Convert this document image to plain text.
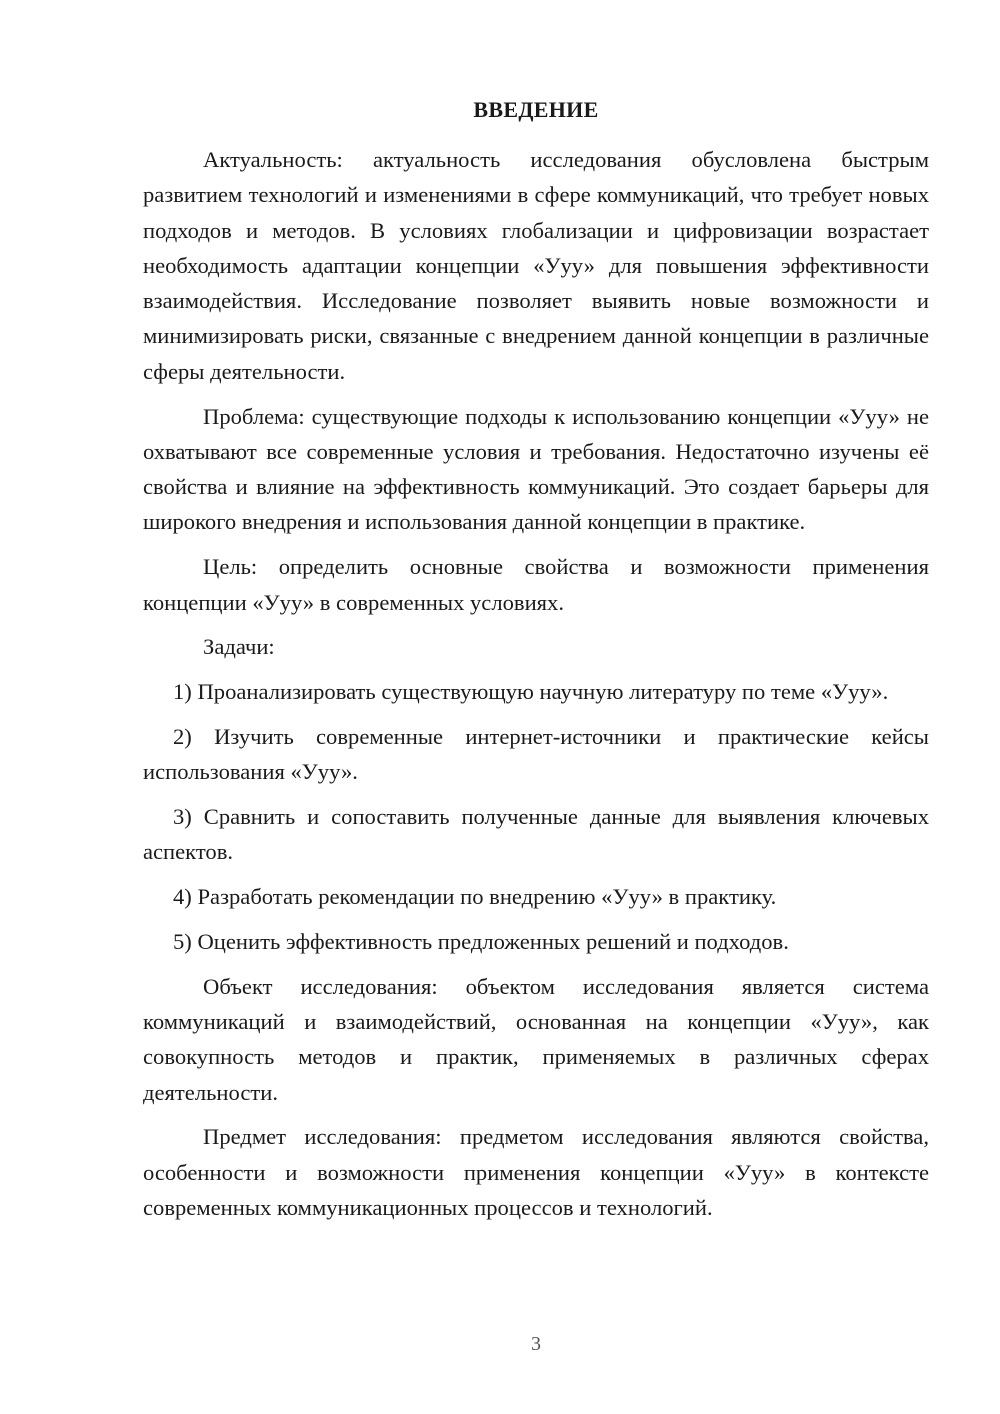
ВВЕДЕНИЕ

Актуальность: актуальность исследования обусловлена быстрым развитием технологий и изменениями в сфере коммуникаций, что требует новых подходов и методов. В условиях глобализации и цифровизации возрастает необходимость адаптации концепции «Ууу» для повышения эффективности взаимодействия. Исследование позволяет выявить новые возможности и минимизировать риски, связанные с внедрением данной концепции в различные сферы деятельности.

Проблема: существующие подходы к использованию концепции «Ууу» не охватывают все современные условия и требования. Недостаточно изучены её свойства и влияние на эффективность коммуникаций. Это создает барьеры для широкого внедрения и использования данной концепции в практике.

Цель: определить основные свойства и возможности применения концепции «Ууу» в современных условиях.

Задачи:

1) Проанализировать существующую научную литературу по теме «Ууу».

2) Изучить современные интернет-источники и практические кейсы использования «Ууу».

3) Сравнить и сопоставить полученные данные для выявления ключевых аспектов.

4) Разработать рекомендации по внедрению «Ууу» в практику.

5) Оценить эффективность предложенных решений и подходов.

Объект исследования: объектом исследования является система коммуникаций и взаимодействий, основанная на концепции «Ууу», как совокупность методов и практик, применяемых в различных сферах деятельности.

Предмет исследования: предметом исследования являются свойства, особенности и возможности применения концепции «Ууу» в контексте современных коммуникационных процессов и технологий.

3
